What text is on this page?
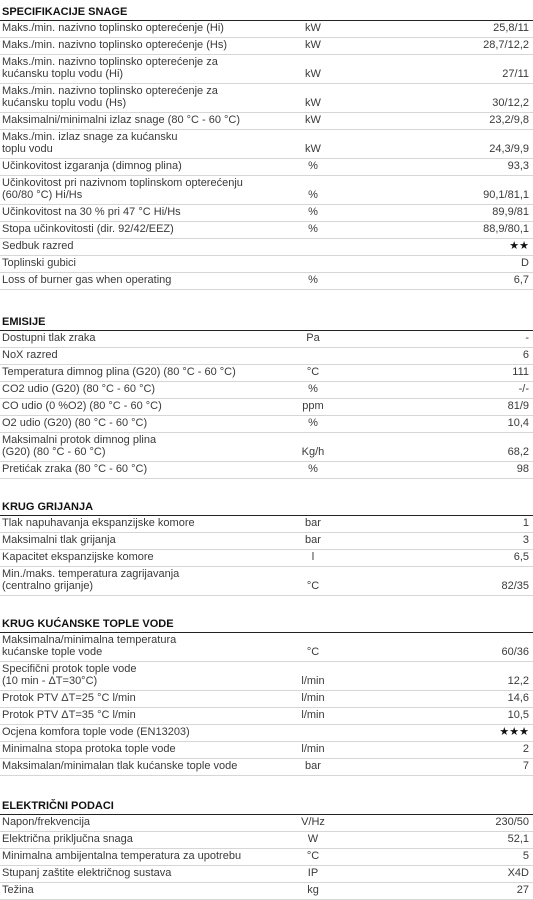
SPECIFIKACIJE SNAGE
Maks./min. nazivno toplinsko opterećenje (Hi)	kW	25,8/11
Maks./min. nazivno toplinsko opterećenje (Hs)	kW	28,7/12,2
Maks./min. nazivno toplinsko opterećenje za
kućansku toplu vodu (Hi)	kW	27/11
Maks./min. nazivno toplinsko opterećenje za
kućansku toplu vodu (Hs)	kW	30/12,2
Maksimalni/minimalni izlaz snage (80 °C - 60 °C)	kW	23,2/9,8
Maks./min. izlaz snage za kućansku
toplu vodu	kW	24,3/9,9
Učinkovitost izgaranja (dimnog plina)	%	93,3
Učinkovitost pri nazivnom toplinskom opterećenju
(60/80 °C) Hi/Hs	%	90,1/81,1
Učinkovitost na 30 % pri 47 °C Hi/Hs	%	89,9/81
Stopa učinkovitosti (dir. 92/42/EEZ)	%	88,9/80,1
Sedbuk razred	★★
Toplinski gubici	D
Loss of burner gas when operating	%	6,7
EMISIJE
Dostupni tlak zraka	Pa	-
NoX razred	6
Temperatura dimnog plina (G20) (80 °C - 60 °C)	°C	111
CO2 udio (G20) (80 °C - 60 °C)	%	-/-
CO udio (0 %O2) (80 °C - 60 °C)	ppm	81/9
O2 udio (G20) (80 °C - 60 °C)	%	10,4
Maksimalni protok dimnog plina
(G20) (80 °C - 60 °C)	Kg/h	68,2
Pretićak zraka (80 °C - 60 °C)	%	98
KRUG GRIJANJA
Tlak napuhavanja ekspanzijske komore	bar	1
Maksimalni tlak grijanja	bar	3
Kapacitet ekspanzijske komore	l	6,5
Min./maks. temperatura zagrijavanja
(centralno grijanje)	°C	82/35
KRUG KUĆANSKE TOPLE VODE
Maksimalna/minimalna temperatura
kućanske tople vode	°C	60/36
Specifični protok tople vode
(10 min - ΔT=30°C)	l/min	12,2
Protok PTV ΔT=25 °C l/min	l/min	14,6
Protok PTV ΔT=35 °C l/min	l/min	10,5
Ocjena komfora tople vode (EN13203)	★★★
Minimalna stopa protoka tople vode	l/min	2
Maksimalan/minimalan tlak kućanske tople vode	bar	7
ELEKTRIČNI PODACI
Napon/frekvencija	V/Hz	230/50
Električna priključna snaga	W	52,1
Minimalna ambijentalna temperatura za upotrebu	°C	5
Stupanj zaštite električnog sustava	IP	X4D
Težina	kg	27
